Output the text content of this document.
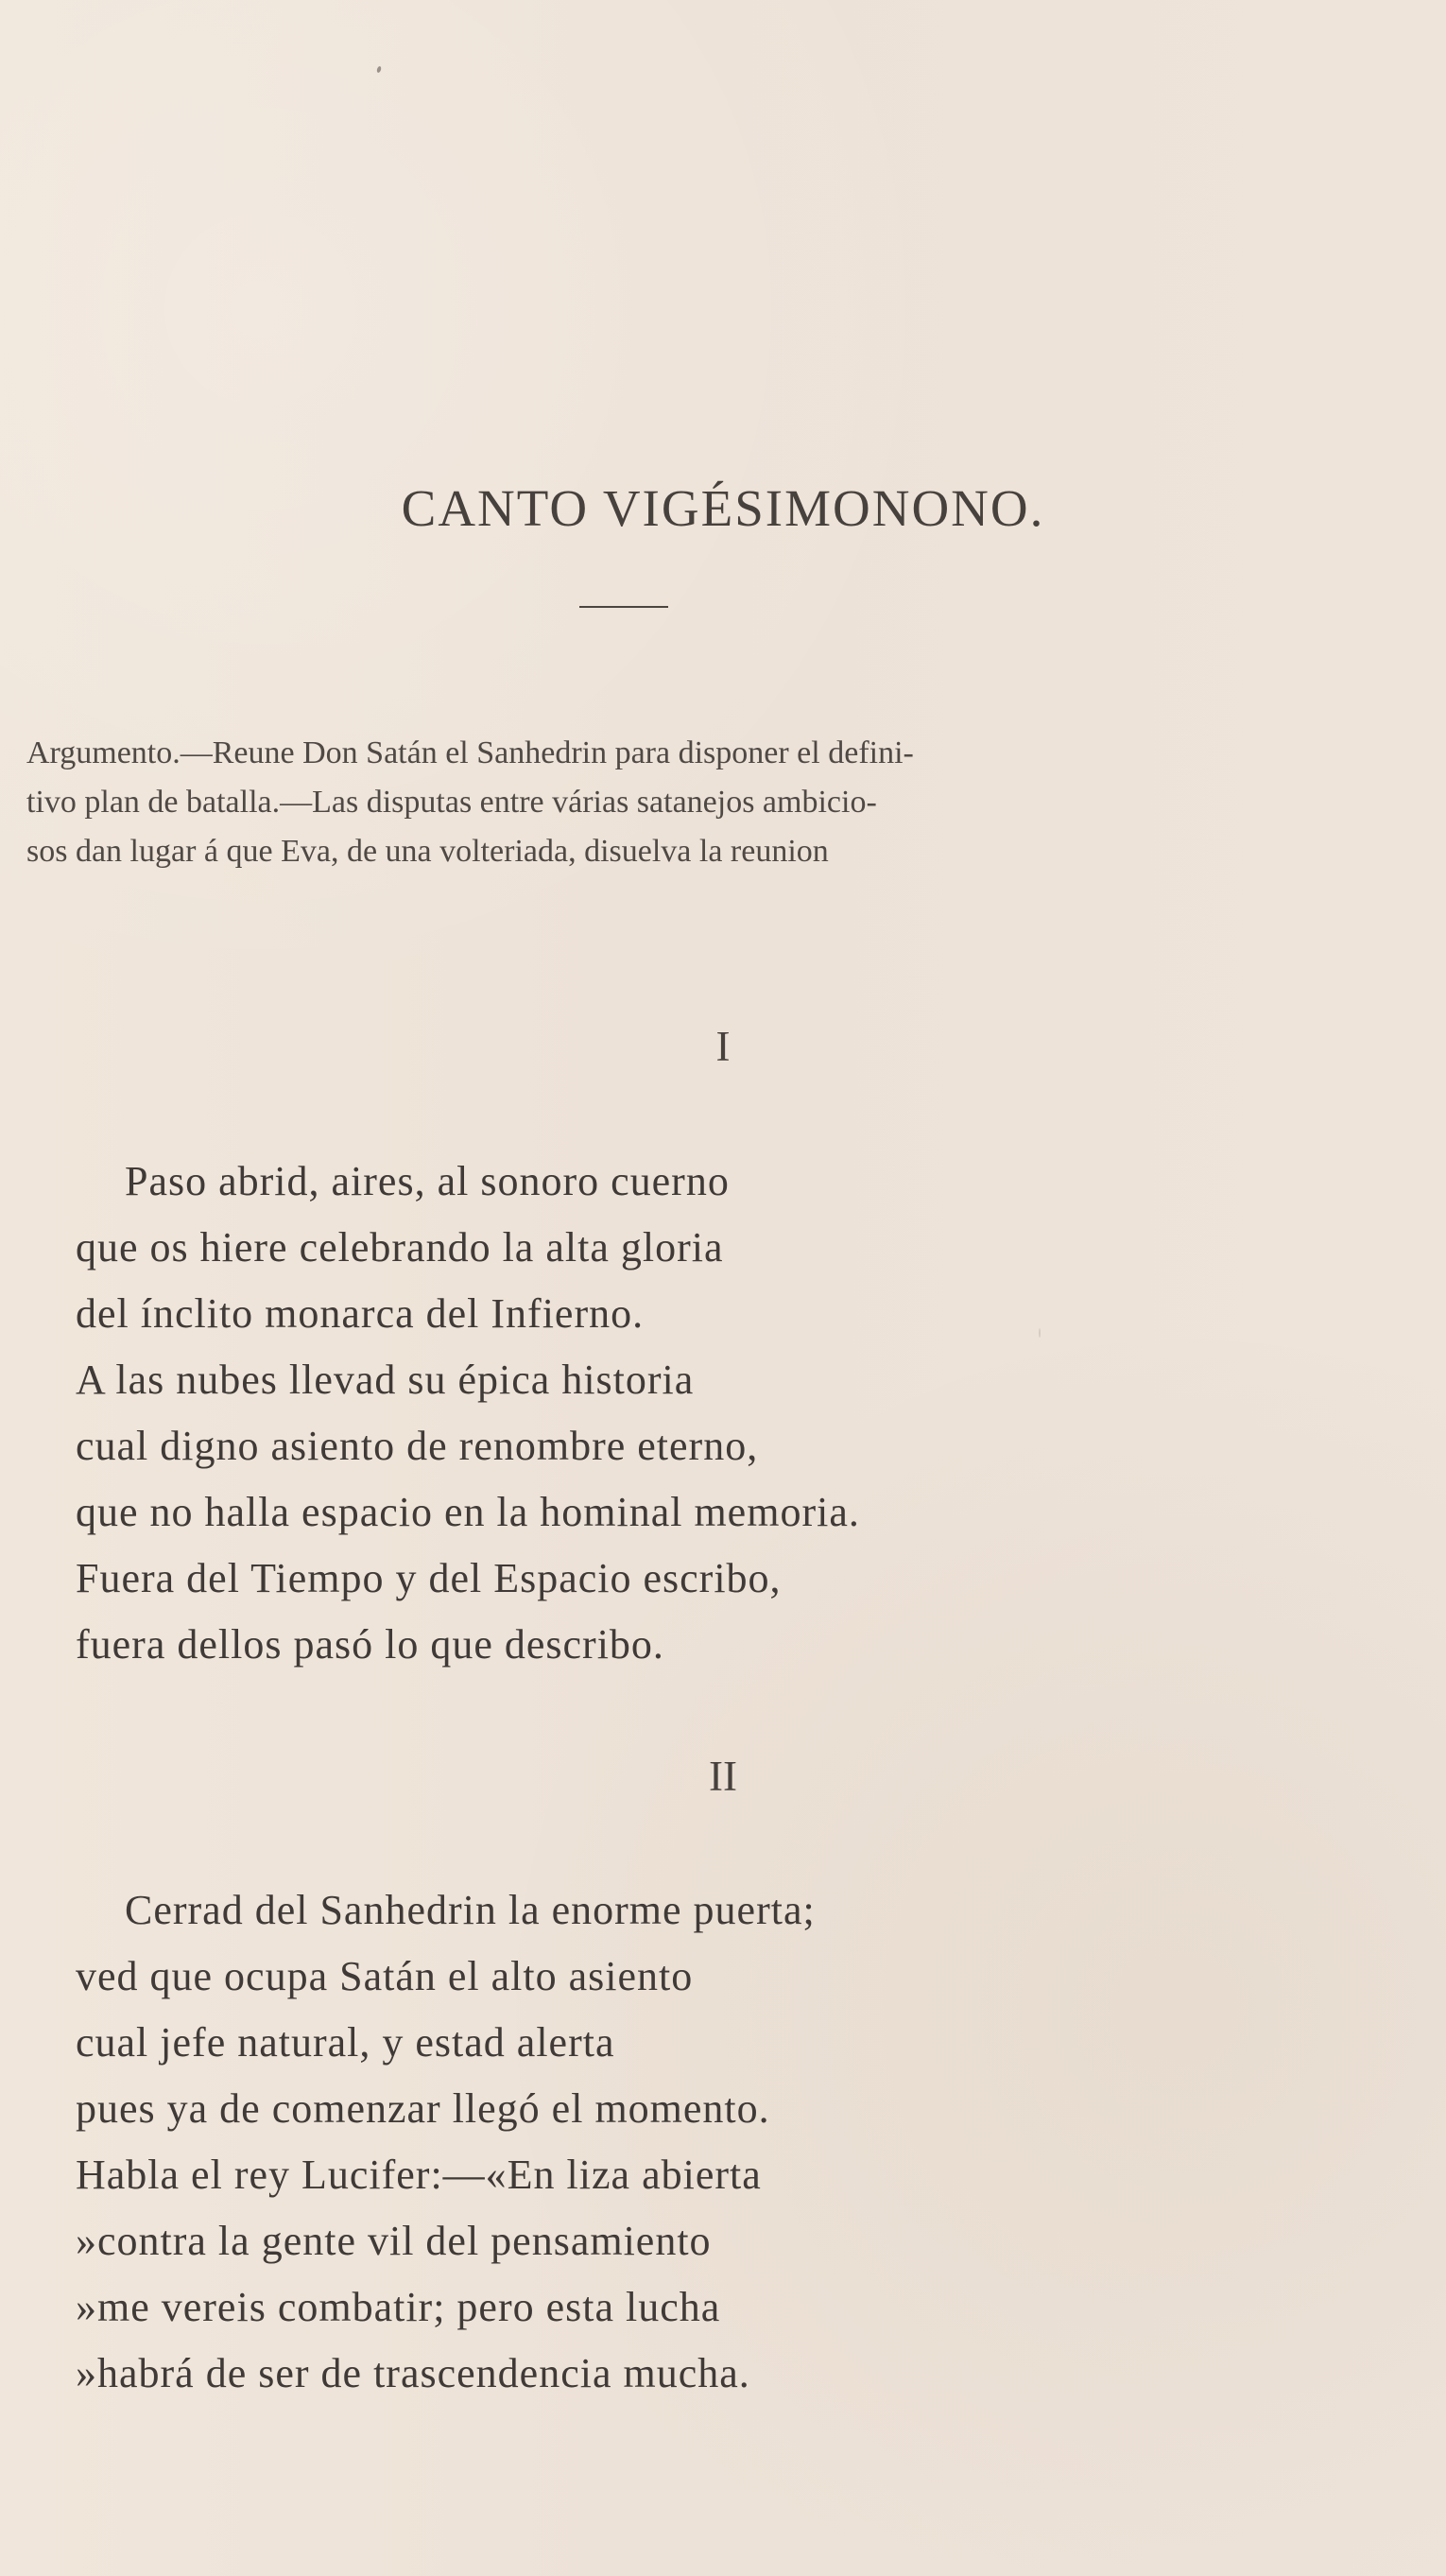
CANTO VIGÉSIMONONO.

Argumento.—Reune Don Satán el Sanhedrin para disponer el defini-
tivo plan de batalla.—Las disputas entre várias satanejos ambicio-
sos dan lugar á que Eva, de una volteriada, disuelva la reunion

I
Paso abrid, aires, al sonoro cuerno
que os hiere celebrando la alta gloria
del ínclito monarca del Infierno.
A las nubes llevad su épica historia
cual digno asiento de renombre eterno,
que no halla espacio en la hominal memoria.
Fuera del Tiempo y del Espacio escribo,
fuera dellos pasó lo que describo.
II
Cerrad del Sanhedrin la enorme puerta;
ved que ocupa Satán el alto asiento
cual jefe natural, y estad alerta
pues ya de comenzar llegó el momento.
Habla el rey Lucifer:—«En liza abierta
»contra la gente vil del pensamiento
»me vereis combatir; pero esta lucha
»habrá de ser de trascendencia mucha.
